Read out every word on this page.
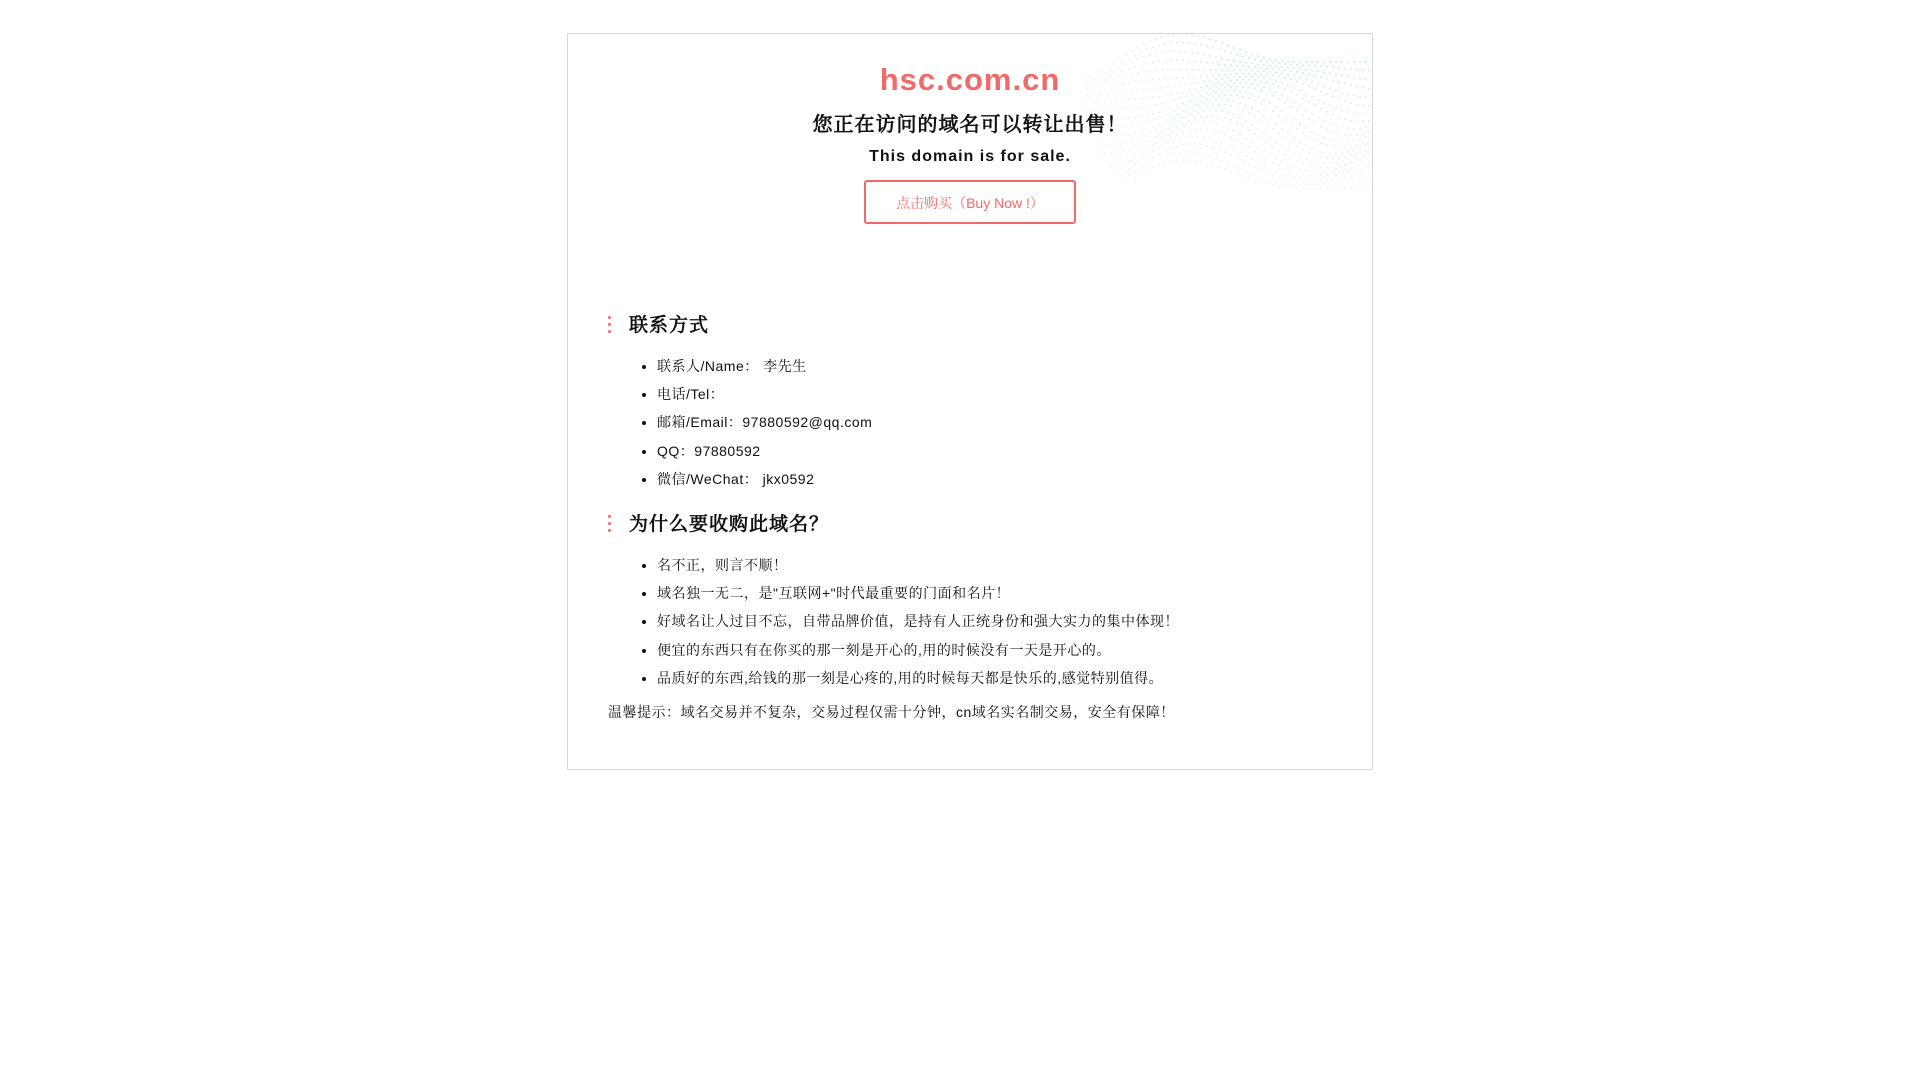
hsc.com.cn
您正在访问的域名可以转让出售！
This domain is for sale.
点击购买（Buy Now !）
联系方式
• 联系人/Name： 李先生
• 电话/Tel：
• 邮箱/Email：97880592@qq.com
• QQ：97880592
• 微信/WeChat： jkx0592
为什么要收购此域名？
• 名不正，则言不顺！
• 域名独一无二，是"互联网+"时代最重要的门面和名片！
• 好域名让人过目不忘，自带品牌价值，是持有人正统身份和强大实力的集中体现！
• 便宜的东西只有在你买的那一刻是开心的,用的时候没有一天是开心的。
• 品质好的东西,给钱的那一刻是心疼的,用的时候每天都是快乐的,感觉特别值得。
温馨提示：域名交易并不复杂，交易过程仅需十分钟，cn域名实名制交易，安全有保障！
